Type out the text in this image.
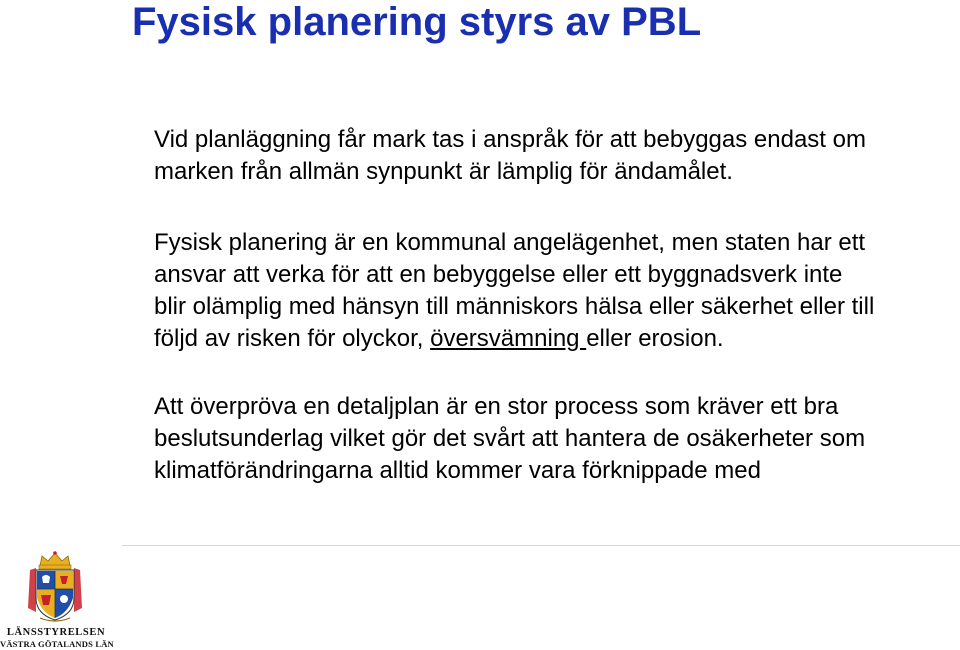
Fysisk planering styrs av PBL
Vid planläggning får mark tas i anspråk för att bebyggas endast om
marken från allmän synpunkt är lämplig för ändamålet.
Fysisk planering är en kommunal angelägenhet, men staten har ett
ansvar att verka för att en bebyggelse eller ett byggnadsverk inte
blir olämplig med hänsyn till människors hälsa eller säkerhet eller till
följd av risken för olyckor, översvämning eller erosion.
Att överpröva en detaljplan är en stor process som kräver ett bra
beslutsunderlag vilket gör det svårt att hantera de osäkerheter som
klimatförändringarna alltid kommer vara förknippade med
LÄNSSTYRELSEN
VÄSTRA GÖTALANDS LÄN
